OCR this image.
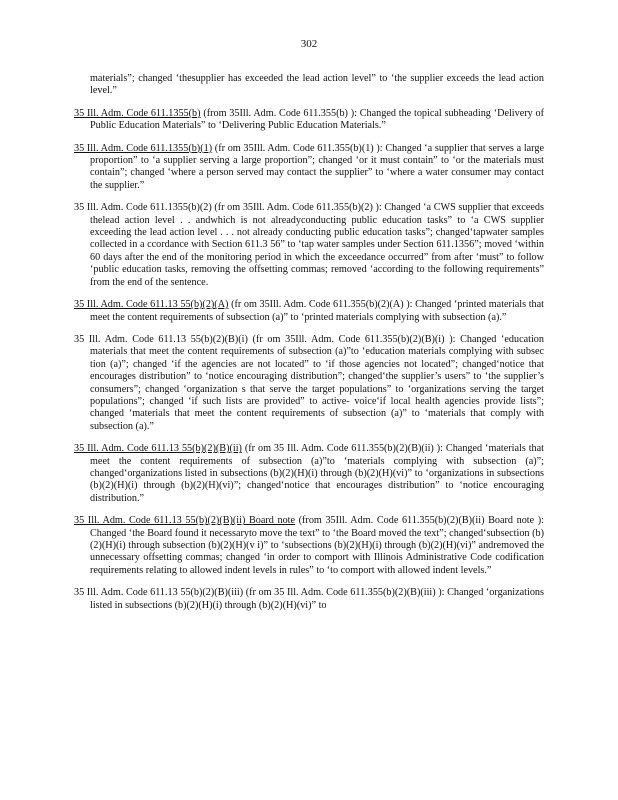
302

materials”; changed ‘thesupplier has exceeded the lead action level” to ‘the supplier exceeds the lead action level.”

35 Ill. Adm. Code 611.1355(b) (from 35Ill. Adm. Code 611.355(b) ): Changed the topical subheading ‘Delivery of Public Education Materials” to ‘Delivering Public Education Materials.”

35 Ill. Adm. Code 611.1355(b)(1) (fr om 35Ill. Adm. Code 611.355(b)(1) ): Changed ‘a supplier that serves a large proportion” to ‘a supplier serving a large proportion”; changed ‘or it must contain” to ‘or the materials must contain”; changed ‘where a person served may contact the supplier” to ‘where a water consumer may contact the supplier.”

35 Ill. Adm. Code 611.1355(b)(2) (fr om 35Ill. Adm. Code 611.355(b)(2) ): Changed ‘a CWS supplier that exceeds thelead action level . . andwhich is not alreadyconducting public education tasks” to ‘a CWS supplier exceeding the lead action level . . . not already conducting public education tasks”; changed‘tapwater samples collected in a ccordance with Section 611.3 56” to ‘tap water samples under Section 611.1356”; moved ‘within 60 days after the end of the monitoring period in which the exceedance occurred” from after ‘must” to follow ‘public education tasks, removing the offsetting commas; removed ‘according to the following requirements” from the end of the sentence.

35 Ill. Adm. Code 611.13 55(b)(2)(A) (fr om 35Ill. Adm. Code 611.355(b)(2)(A) ): Changed ‘printed materials that meet the content requirements of subsection (a)” to ‘printed materials complying with subsection (a).”

35 Ill. Adm. Code 611.13 55(b)(2)(B)(i) (fr om 35Ill. Adm. Code 611.355(b)(2)(B)(i) ): Changed ‘education materials that meet the content requirements of subsection (a)”to ‘education materials complying with subsec tion (a)”; changed ‘if the agencies are not located” to ‘if those agencies not located”; changed‘notice that encourages distribution” to ‘notice encouraging distribution”; changed‘the supplier’s users” to ‘the supplier’s consumers”; changed ‘organization s that serve the target populations” to ‘organizations serving the target populations”; changed ‘if such lists are provided” to active- voice‘if local health agencies provide lists”; changed ‘materials that meet the content requirements of subsection (a)” to ‘materials that comply with subsection (a).”

35 Ill. Adm. Code 611.13 55(b)(2)(B)(ii) (fr om 35 Ill. Adm. Code 611.355(b)(2)(B)(ii) ): Changed ‘materials that meet the content requirements of subsection (a)”to ‘materials complying with subsection (a)”; changed‘organizations listed in subsections (b)(2)(H)(i) through (b)(2)(H)(vi)” to ‘organizations in subsections (b)(2)(H)(i) through (b)(2)(H)(vi)”; changed‘notice that encourages distribution” to ‘notice encouraging distribution.”

35 Ill. Adm. Code 611.13 55(b)(2)(B)(ii) Board note (from 35Ill. Adm. Code 611.355(b)(2)(B)(ii) Board note ): Changed ‘the Board found it necessaryto move the text” to ‘the Board moved the text”; changed‘subsection (b)(2)(H)(i) through subsection (b)(2)(H)(v i)” to ‘subsections (b)(2)(H)(i) through (b)(2)(H)(vi)” andremoved the unnecessary offsetting commas; changed ‘in order to comport with Illinois Administrative Code codification requirements relating to allowed indent levels in rules” to ‘to comport with allowed indent levels.”

35 Ill. Adm. Code 611.13 55(b)(2)(B)(iii) (fr om 35 Ill. Adm. Code 611.355(b)(2)(B)(iii) ): Changed ‘organizations listed in subsections (b)(2)(H)(i) through (b)(2)(H)(vi)” to
